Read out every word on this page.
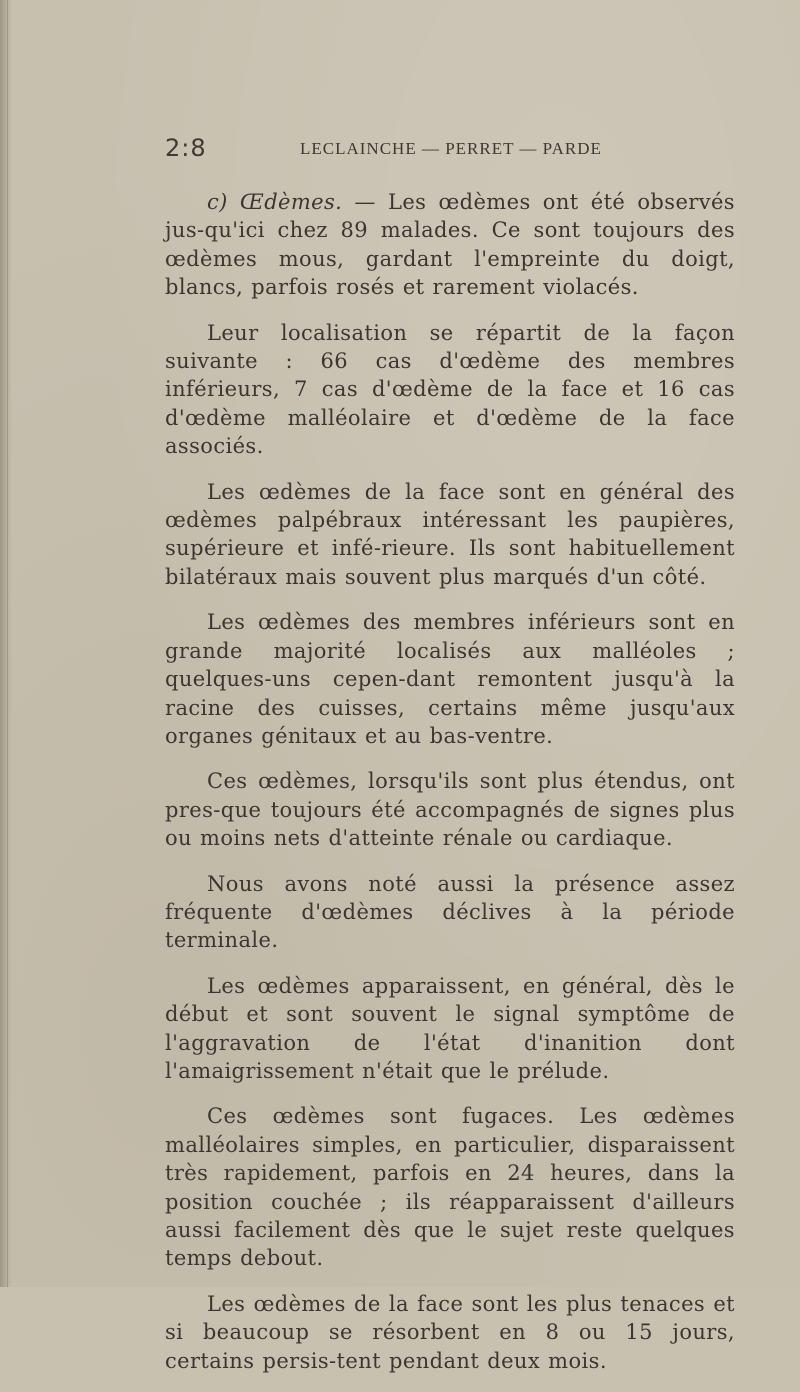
2:8	LECLAINCHE — PERRET — PARDE

c) Œdèmes. — Les œdèmes ont été observés jus-qu'ici chez 89 malades. Ce sont toujours des œdèmes mous, gardant l'empreinte du doigt, blancs, parfois rosés et rarement violacés.

Leur localisation se répartit de la façon suivante : 66 cas d'œdème des membres inférieurs, 7 cas d'œdème de la face et 16 cas d'œdème malléolaire et d'œdème de la face associés.

Les œdèmes de la face sont en général des œdèmes palpébraux intéressant les paupières, supérieure et infé-rieure. Ils sont habituellement bilatéraux mais souvent plus marqués d'un côté.

Les œdèmes des membres inférieurs sont en grande majorité localisés aux malléoles ; quelques-uns cepen-dant remontent jusqu'à la racine des cuisses, certains même jusqu'aux organes génitaux et au bas-ventre.

Ces œdèmes, lorsqu'ils sont plus étendus, ont pres-que toujours été accompagnés de signes plus ou moins nets d'atteinte rénale ou cardiaque.

Nous avons noté aussi la présence assez fréquente d'œdèmes déclives à la période terminale.

Les œdèmes apparaissent, en général, dès le début et sont souvent le signal symptôme de l'aggravation de l'état d'inanition dont l'amaigrissement n'était que le prélude.

Ces œdèmes sont fugaces. Les œdèmes malléolaires simples, en particulier, disparaissent très rapidement, parfois en 24 heures, dans la position couchée ; ils réapparaissent d'ailleurs aussi facilement dès que le sujet reste quelques temps debout.

Les œdèmes de la face sont les plus tenaces et si beaucoup se résorbent en 8 ou 15 jours, certains persis-tent pendant deux mois.
